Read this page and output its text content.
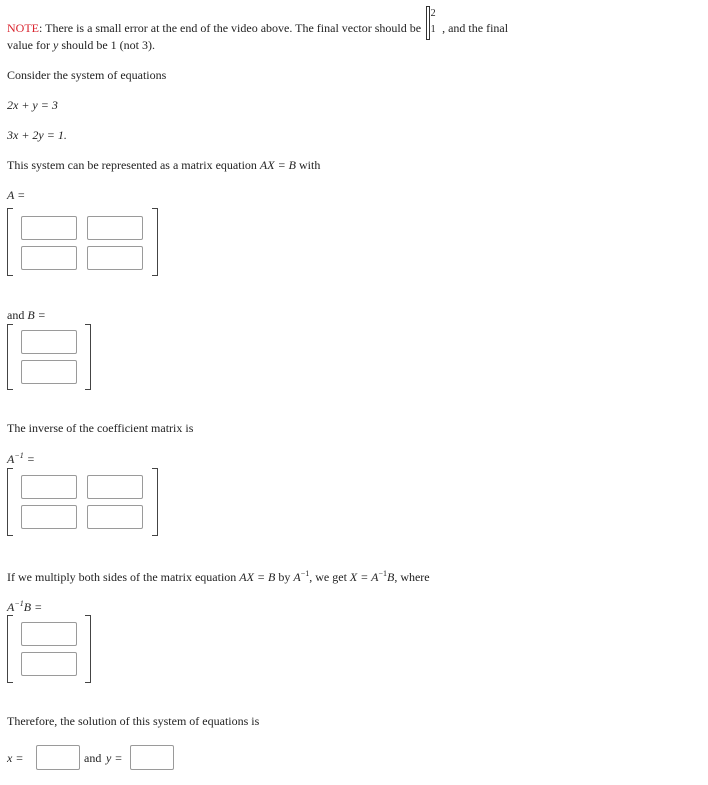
NOTE: There is a small error at the end of the video above. The final vector should be
2
1 , and the final
value for y should be 1 (not 3).
Consider the system of equations
2x + y = 3
3x + 2y = 1.
This system can be represented as a matrix equation AX = B with
A =
and B =
The inverse of the coefficient matrix is
$A^{-1}$ =
If we multiply both sides of the matrix equation AX = B by $A^{-1}$, we get $X = A^{-1}B$, where
$A^{-1}B$ =
Therefore, the solution of this system of equations is
x =	and y =
